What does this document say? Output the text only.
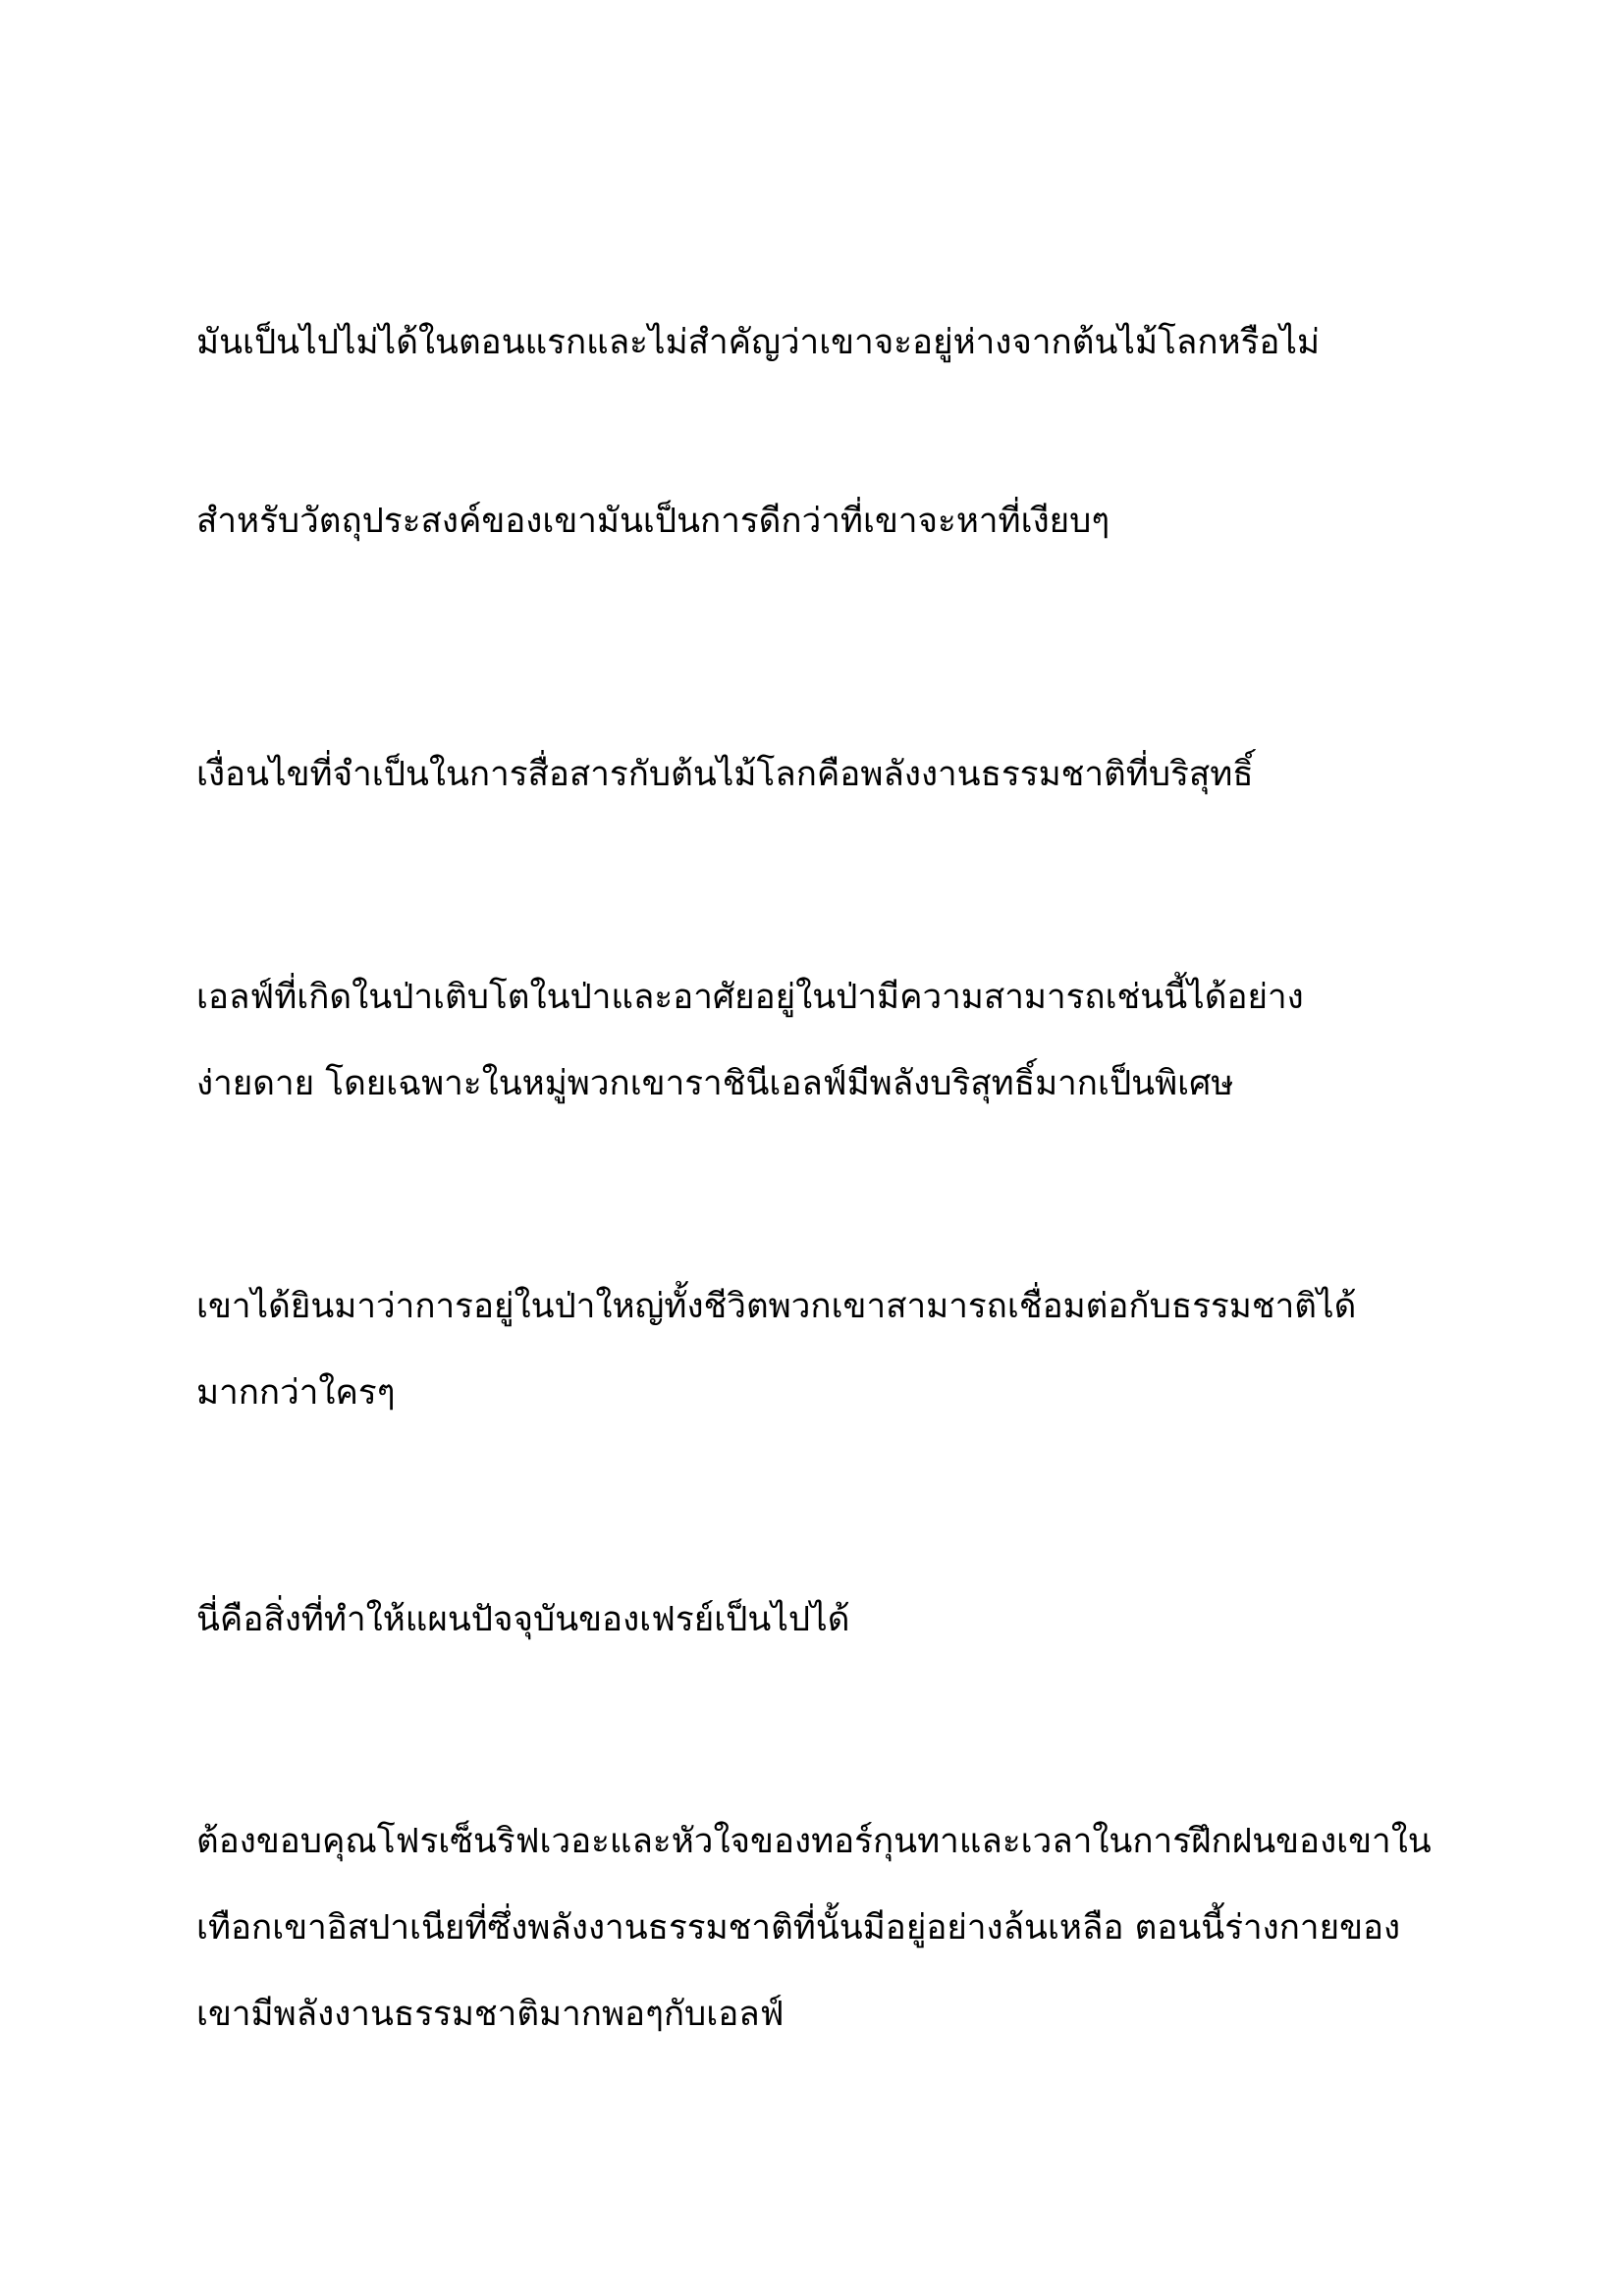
มันเป็นไปไม่ได้ในตอนแรกและไม่สำคัญว่าเขาจะอยู่ห่างจากต้นไม้โลกหรือไม่

สำหรับวัตถุประสงค์ของเขามันเป็นการดีกว่าที่เขาจะหาที่เงียบๆ

เงื่อนไขที่จำเป็นในการสื่อสารกับต้นไม้โลกคือพลังงานธรรมชาติที่บริสุทธิ์

เอลฟ์ที่เกิดในป่าเติบโตในป่าและอาศัยอยู่ในป่ามีความสามารถเช่นนี้ได้อย่าง
ง่ายดาย โดยเฉพาะในหมู่พวกเขาราชินีเอลฟ์มีพลังบริสุทธิ์มากเป็นพิเศษ

เขาได้ยินมาว่าการอยู่ในป่าใหญ่ทั้งชีวิตพวกเขาสามารถเชื่อมต่อกับธรรมชาติได้
มากกว่าใครๆ

นี่คือสิ่งที่ทำให้แผนปัจจุบันของเฟรย์เป็นไปได้

ต้องขอบคุณโฟรเซ็นริฟเวอะและหัวใจของทอร์กุนทาและเวลาในการฝึกฝนของเขาใน
เทือกเขาอิสปาเนียที่ซึ่งพลังงานธรรมชาติที่นั้นมีอยู่อย่างล้นเหลือ ตอนนี้ร่างกายของ
เขามีพลังงานธรรมชาติมากพอๆกับเอลฟ์
